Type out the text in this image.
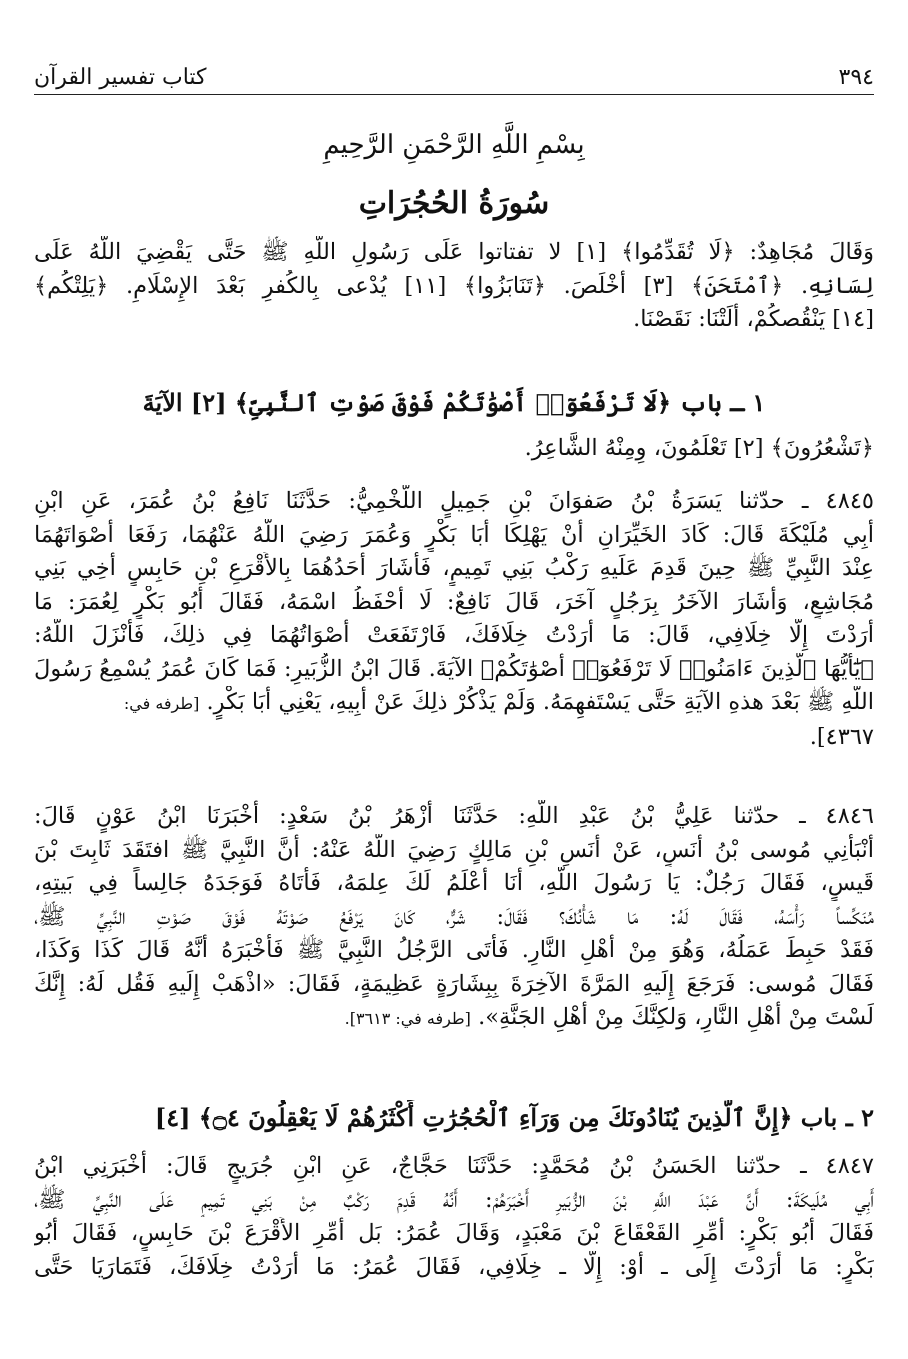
٣٩٤
كتاب تفسير القرآن
بِسْمِ اللَّهِ الرَّحْمَنِ الرَّحِيمِ
سُورَةُ الحُجُرَاتِ
وَقَالَ مُجَاهِدٌ: ﴿لَا تُقَدِّمُوا﴾ [١] لا تفتاتوا عَلَى رَسُولِ اللَّهِ ﷺ حَتَّى يَقْضِيَ اللَّهُ عَلَى
لِسَانِهِ. ﴿ٱمْتَحَنَ﴾ [٣] أَخْلَصَ. ﴿تَنَابَزُوا﴾ [١١] يُدْعى بِالكُفرِ بَعْدَ الإِسْلَامِ. ﴿يَلِتْكُم﴾
[١٤] يَنْقُصكُمْ، أَلَتْنَا: نَقَصْنَا.
١ ـ باب ﴿لَا تَرْفَعُوٓا۟ أَصْوَٰتَكُمْ فَوْقَ صَوْتِ ٱلنَّبِىِّ﴾ [٢] الآيَةَ
﴿تَشْعُرُونَ﴾ [٢] تَعْلَمُونَ، وِمِنْهُ الشَّاعِرُ.
٤٨٤٥ ـ حدّثنا يَسَرَةُ بْنُ صَفوَانَ بْنِ جَمِيلٍ اللَّخْمِيُّ: حَدَّثَنَا نَافِعُ بْنُ عُمَرَ، عَنِ ابْنِ
أَبِي مُلَيْكَةَ قَالَ: كَادَ الخَيِّرَانِ أَنْ يَهْلِكَا أَبَا بَكْرٍ وَعُمَرَ رَضِيَ اللَّهُ عَنْهُمَا، رَفَعَا أَصْوَاتَهُمَا
عِنْدَ النَّبِيِّ ﷺ حِينَ قَدِمَ عَلَيهِ رَكْبُ بَنِي تَمِيمٍ، فَأَشَارَ أَحَدُهُمَا بِالأَقْرَعِ بْنِ حَابِسٍ أَخِي بَنِي
مُجَاشِعٍ، وَأَشَارَ الآخَرُ بِرَجُلٍ آخَرَ، قَالَ نَافِعٌ: لَا أَحْفَظُ اسْمَهُ، فَقَالَ أَبُو بَكْرٍ لِعُمَرَ: مَا
أَرَدْتَ إِلَّا خِلَافِي، قَالَ: مَا أَرَدْتُ خِلَافَكَ، فَارْتَفَعَتْ أَصْوَاتُهُمَا فِي ذلِكَ، فَأَنْزَلَ اللَّهُ:
﴿يَٰٓأَيُّهَا ٱلَّذِينَ ءَامَنُوا۟ لَا تَرْفَعُوٓا۟ أَصْوَٰتَكُمْ﴾ الآيَةَ. قَالَ ابْنُ الزُّبَيرِ: فَمَا كَانَ عُمَرُ يُسْمِعُ رَسُولَ
اللَّهِ ﷺ بَعْدَ هذهِ الآيَةِ حَتَّى يَسْتَفهِمَهُ. وَلَمْ يَذْكُرْ ذلِكَ عَنْ أَبِيهِ، يَعْنِي أَبَا بَكْرٍ. [طرفه في:
٤٣٦٧].
٤٨٤٦ ـ حدّثنا عَلِيُّ بْنُ عَبْدِ اللَّهِ: حَدَّثَنَا أَزْهَرُ بْنُ سَعْدٍ: أَخْبَرَنَا ابْنُ عَوْنٍ قَالَ:
أَنْبَأَنِي مُوسى بْنُ أَنَسٍ، عَنْ أَنَسِ بْنِ مَالِكٍ رَضِيَ اللَّهُ عَنْهُ: أَنَّ النَّبِيَّ ﷺ افتَقَدَ ثَابِتَ بْنَ
قَيسٍ، فَقَالَ رَجُلٌ: يَا رَسُولَ اللَّهِ، أَنَا أَعْلَمُ لَكَ عِلمَهُ، فَأَتَاهُ فَوَجَدَهُ جَالِساً فِي بَيتِهِ،
مُنَكِّساً رَأْسَهُ، فَقَالَ لَهُ: مَا شَأْنُكَ؟ فَقَالَ: شَرٌّ، كَانَ يَرْفَعُ صَوْتَهُ فَوْقَ صَوْتِ النَّبِيِّ ﷺ،
فَقَدْ حَبِطَ عَمَلُهُ، وَهُوَ مِنْ أَهْلِ النَّارِ. فَأَتَى الرَّجُلُ النَّبِيَّ ﷺ فَأَخْبَرَهُ أَنَّهُ قَالَ كَذَا وَكَذَا،
فَقَالَ مُوسى: فَرَجَعَ إِلَيهِ المَرَّةَ الآخِرَةَ بِبِشَارَةٍ عَظِيمَةٍ، فَقَالَ: «اذْهَبْ إِلَيهِ فَقُل لَهُ: إِنَّكَ
لَسْتَ مِنْ أَهْلِ النَّارِ، وَلكِنَّكَ مِنْ أَهْلِ الجَنَّةِ». [طرفه في: ٣٦١٣].
٢ ـ باب ﴿إِنَّ ٱلَّذِينَ يُنَادُونَكَ مِن وَرَآءِ ٱلْحُجُرَٰتِ أَكْثَرُهُمْ لَا يَعْقِلُونَ ۝٤﴾ [٤]
٤٨٤٧ ـ حدّثنا الحَسَنُ بْنُ مُحَمَّدٍ: حَدَّثَنَا حَجَّاجٌ، عَنِ ابْنِ جُرَيجٍ قَالَ: أَخْبَرَنِي ابْنُ
أَبِي مُلَيكَةَ: أَنَّ عَبْدَ اللَّهِ بْنَ الزُّبَيرِ أَخْبَرَهُمْ: أَنَّهُ قَدِمَ رَكْبٌ مِنْ بَنِي تَمِيمٍ عَلَى النَّبِيِّ ﷺ،
فَقَالَ أَبُو بَكْرٍ: أَمِّرِ القَعْقَاعَ بْنَ مَعْبَدٍ، وَقَالَ عُمَرُ: بَل أَمِّرِ الأَقْرَعَ بْنَ حَابِسٍ، فَقَالَ أَبُو
بَكْرٍ: مَا أَرَدْتَ إِلَى ـ أَوْ: إِلَّا ـ خِلَافِي، فَقَالَ عُمَرُ: مَا أَرَدْتُ خِلَافَكَ، فَتَمَارَيَا حَتَّى
